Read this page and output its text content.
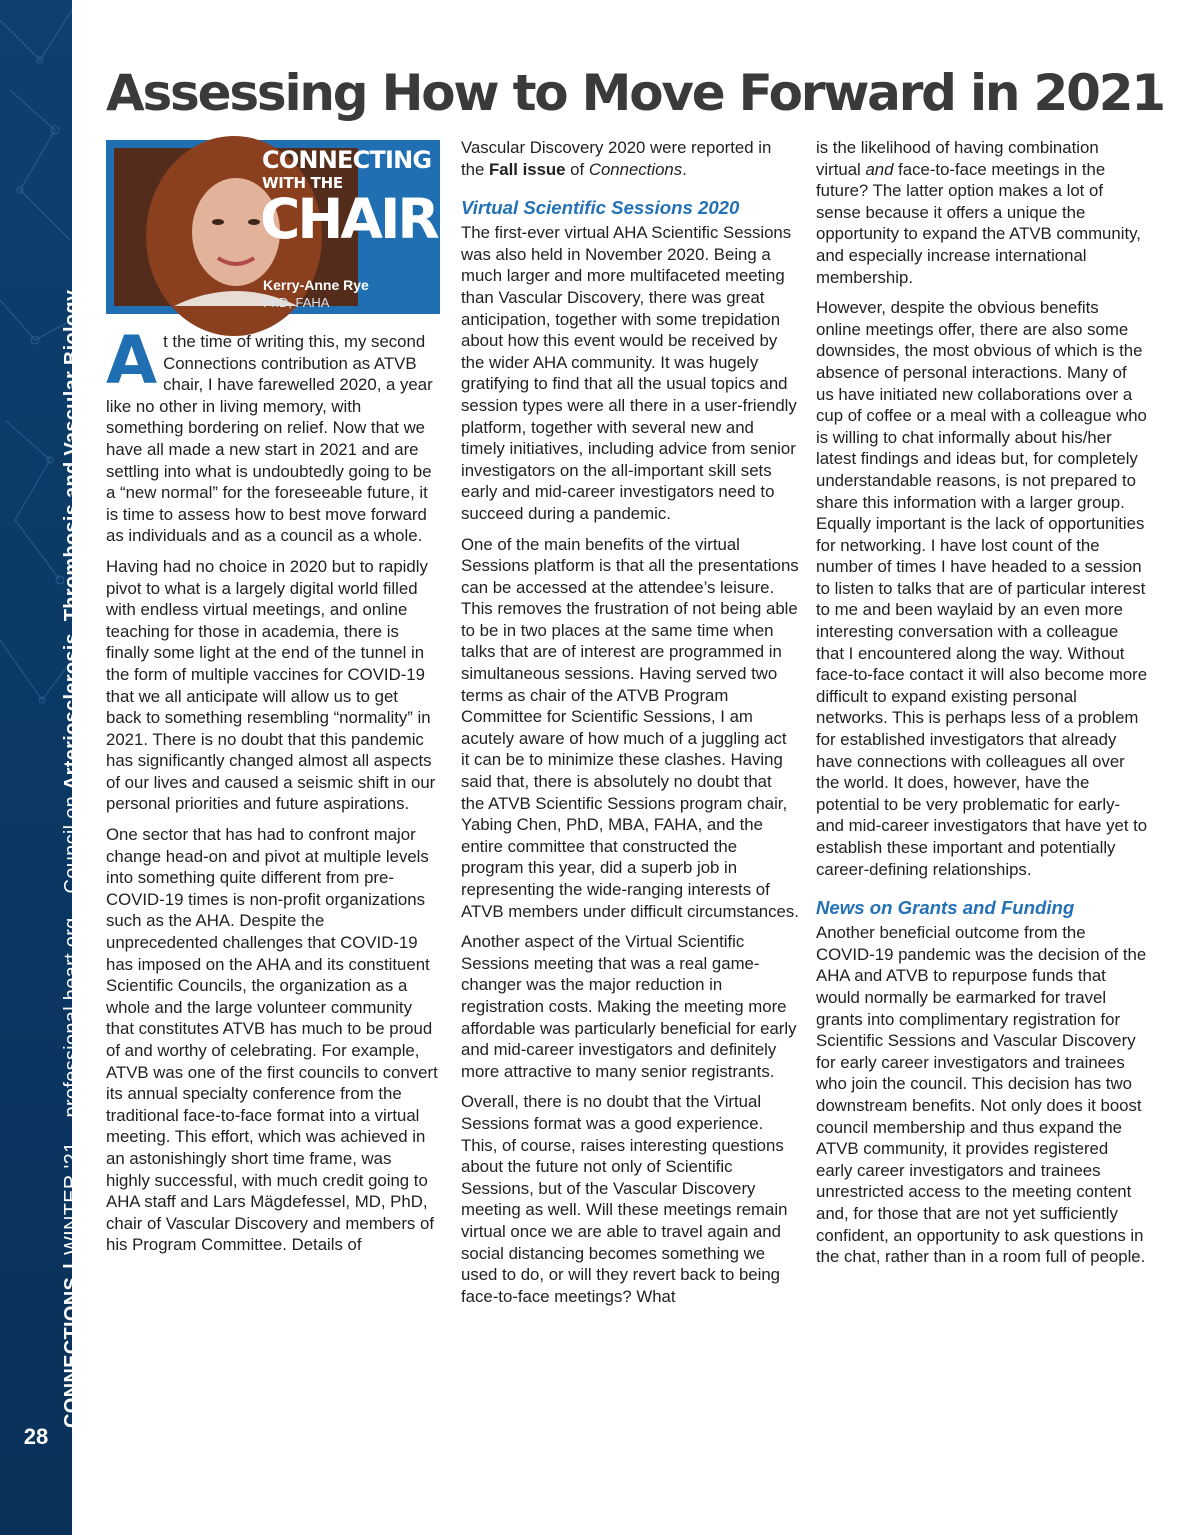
CONNECTIONS|WINTER '21professional.heart.orgCouncil on Arteriosclerosis, Thrombosis and Vascular Biology
28
Assessing How to Move Forward in 2021
CONNECTING
WITH THE
CHAIR
Kerry-Anne Rye
PhD, FAHA

At the time of writing this, my second Connections contribution as ATVB chair, I have farewelled 2020, a year like no other in living memory, with something bordering on relief. Now that we have all made a new start in 2021 and are settling into what is undoubtedly going to be a “new normal” for the foreseeable future, it is time to assess how to best move forward as individuals and as a council as a whole.

Having had no choice in 2020 but to rapidly pivot to what is a largely digital world filled with endless virtual meetings, and online teaching for those in academia, there is finally some light at the end of the tunnel in the form of multiple vaccines for COVID-19 that we all anticipate will allow us to get back to something resembling “normality” in 2021. There is no doubt that this pandemic has significantly changed almost all aspects of our lives and caused a seismic shift in our personal priorities and future aspirations.

One sector that has had to confront major change head-on and pivot at multiple levels into something quite different from pre-COVID-19 times is non-profit organizations such as the AHA. Despite the unprecedented challenges that COVID-19 has imposed on the AHA and its constituent Scientific Councils, the organization as a whole and the large volunteer community that constitutes ATVB has much to be proud of and worthy of celebrating. For example, ATVB was one of the first councils to convert its annual specialty conference from the traditional face-to-face format into a virtual meeting. This effort, which was achieved in an astonishingly short time frame, was highly successful, with much credit going to AHA staff and Lars Mägdefessel, MD, PhD, chair of Vascular Discovery and members of his Program Committee. Details of

Vascular Discovery 2020 were reported in the Fall issue of Connections.

Virtual Scientific Sessions 2020

The first-ever virtual AHA Scientific Sessions was also held in November 2020. Being a much larger and more multifaceted meeting than Vascular Discovery, there was great anticipation, together with some trepidation about how this event would be received by the wider AHA community. It was hugely gratifying to find that all the usual topics and session types were all there in a user-friendly platform, together with several new and timely initiatives, including advice from senior investigators on the all-important skill sets early and mid-career investigators need to succeed during a pandemic.

One of the main benefits of the virtual Sessions platform is that all the presentations can be accessed at the attendee’s leisure. This removes the frustration of not being able to be in two places at the same time when talks that are of interest are programmed in simultaneous sessions. Having served two terms as chair of the ATVB Program Committee for Scientific Sessions, I am acutely aware of how much of a juggling act it can be to minimize these clashes. Having said that, there is absolutely no doubt that the ATVB Scientific Sessions program chair, Yabing Chen, PhD, MBA, FAHA, and the entire committee that constructed the program this year, did a superb job in representing the wide-ranging interests of ATVB members under difficult circumstances.

Another aspect of the Virtual Scientific Sessions meeting that was a real game-changer was the major reduction in registration costs. Making the meeting more affordable was particularly beneficial for early and mid-career investigators and definitely more attractive to many senior registrants.

Overall, there is no doubt that the Virtual Sessions format was a good experience. This, of course, raises interesting questions about the future not only of Scientific Sessions, but of the Vascular Discovery meeting as well. Will these meetings remain virtual once we are able to travel again and social distancing becomes something we used to do, or will they revert back to being face-to-face meetings? What

is the likelihood of having combination virtual and face-to-face meetings in the future? The latter option makes a lot of sense because it offers a unique the opportunity to expand the ATVB community, and especially increase international membership.

However, despite the obvious benefits online meetings offer, there are also some downsides, the most obvious of which is the absence of personal interactions. Many of us have initiated new collaborations over a cup of coffee or a meal with a colleague who is willing to chat informally about his/her latest findings and ideas but, for completely understandable reasons, is not prepared to share this information with a larger group. Equally important is the lack of opportunities for networking. I have lost count of the number of times I have headed to a session to listen to talks that are of particular interest to me and been waylaid by an even more interesting conversation with a colleague that I encountered along the way. Without face-to-face contact it will also become more difficult to expand existing personal networks. This is perhaps less of a problem for established investigators that already have connections with colleagues all over the world. It does, however, have the potential to be very problematic for early- and mid-career investigators that have yet to establish these important and potentially career-defining relationships.

News on Grants and Funding

Another beneficial outcome from the COVID-19 pandemic was the decision of the AHA and ATVB to repurpose funds that would normally be earmarked for travel grants into complimentary registration for Scientific Sessions and Vascular Discovery for early career investigators and trainees who join the council. This decision has two downstream benefits. Not only does it boost council membership and thus expand the ATVB community, it provides registered early career investigators and trainees unrestricted access to the meeting content and, for those that are not yet sufficiently confident, an opportunity to ask questions in the chat, rather than in a room full of people.
